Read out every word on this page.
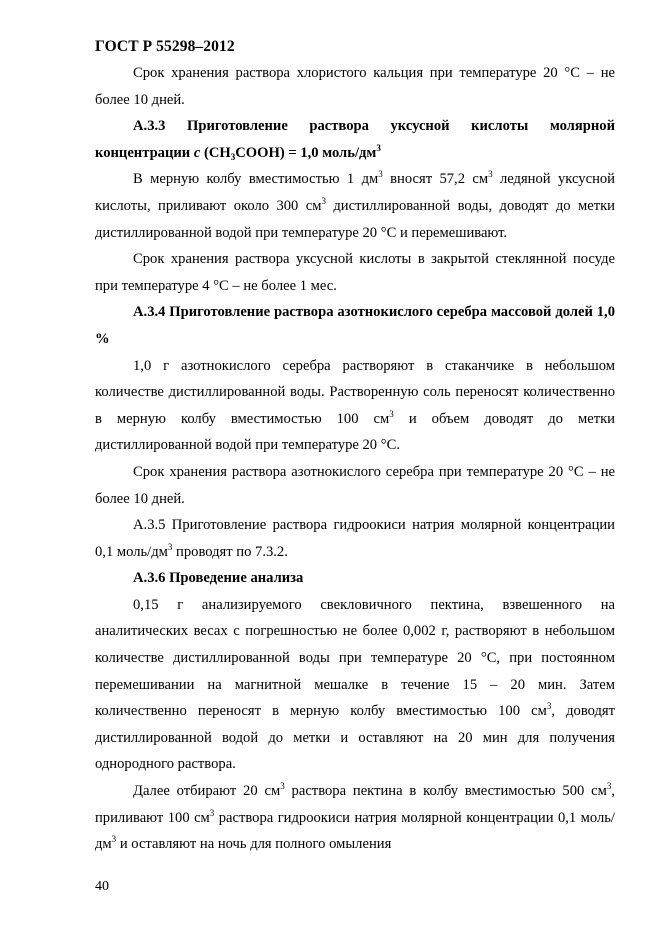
ГОСТ Р 55298–2012

Срок хранения раствора хлористого кальция при температуре 20 °С – не более 10 дней.

А.3.3 Приготовление раствора уксусной кислоты молярной концентрации с $(CH_3COOH) = 1,0$ моль/$дм^3$

В мерную колбу вместимостью 1 $дм^3$ вносят 57,2 $см^3$ ледяной уксусной кислоты, приливают около 300 $см^3$ дистиллированной воды, доводят до метки дистиллированной водой при температуре 20 °С и перемешивают.

Срок хранения раствора уксусной кислоты в закрытой стеклянной посуде при температуре 4 °С – не более 1 мес.

А.3.4 Приготовление раствора азотнокислого серебра массовой долей 1,0 %

1,0 г азотнокислого серебра растворяют в стаканчике в небольшом количестве дистиллированной воды. Растворенную соль переносят количественно в мерную колбу вместимостью 100 $см^3$ и объем доводят до метки дистиллированной водой при температуре 20 °С.

Срок хранения раствора азотнокислого серебра при температуре 20 °С – не более 10 дней.

А.3.5 Приготовление раствора гидроокиси натрия молярной концентрации 0,1 моль/$дм^3$ проводят по 7.3.2.

А.3.6 Проведение анализа

0,15 г анализируемого свекловичного пектина, взвешенного на аналитических весах с погрешностью не более 0,002 г, растворяют в небольшом количестве дистиллированной воды при температуре 20 °С, при постоянном перемешивании на магнитной мешалке в течение 15 – 20 мин. Затем количественно переносят в мерную колбу вместимостью 100 $см^3$, доводят дистиллированной водой до метки и оставляют на 20 мин для получения однородного раствора.

Далее отбирают 20 $см^3$ раствора пектина в колбу вместимостью 500 $см^3$, приливают 100 $см^3$ раствора гидроокиси натрия молярной концентрации 0,1 моль/$дм^3$ и оставляют на ночь для полного омыления

40
